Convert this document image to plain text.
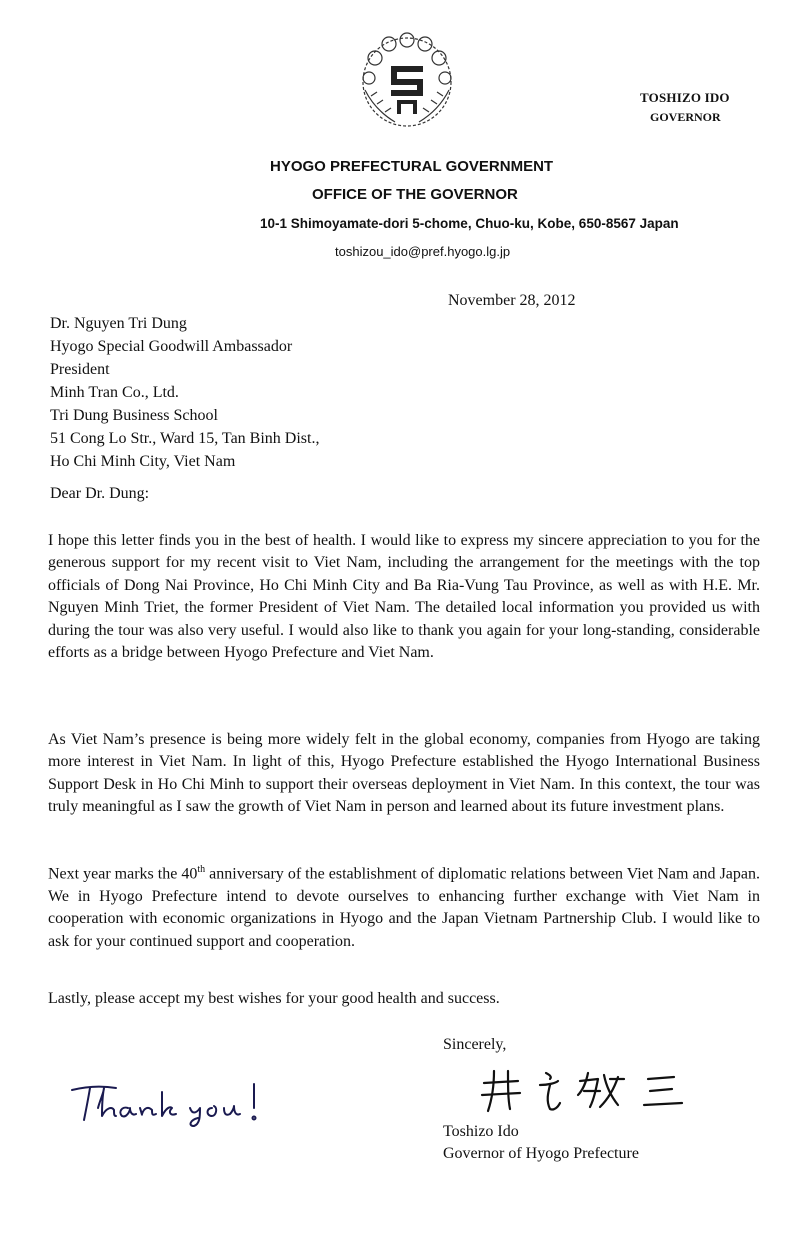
TOSHIZO IDO
GOVERNOR
HYOGO PREFECTURAL GOVERNMENT
OFFICE OF THE GOVERNOR
10-1 Shimoyamate-dori 5-chome, Chuo-ku, Kobe, 650-8567 Japan
toshizou_ido@pref.hyogo.lg.jp
November 28, 2012
Dr. Nguyen Tri Dung
Hyogo Special Goodwill Ambassador
President
Minh Tran Co., Ltd.
Tri Dung Business School
51 Cong Lo Str., Ward 15, Tan Binh Dist.,
Ho Chi Minh City, Viet Nam
Dear Dr. Dung:

I hope this letter finds you in the best of health. I would like to express my sincere appreciation to you for the generous support for my recent visit to Viet Nam, including the arrangement for the meetings with the top officials of Dong Nai Province, Ho Chi Minh City and Ba Ria-Vung Tau Province, as well as with H.E. Mr. Nguyen Minh Triet, the former President of Viet Nam. The detailed local information you provided us with during the tour was also very useful. I would also like to thank you again for your long-standing, considerable efforts as a bridge between Hyogo Prefecture and Viet Nam.

As Viet Nam’s presence is being more widely felt in the global economy, companies from Hyogo are taking more interest in Viet Nam. In light of this, Hyogo Prefecture established the Hyogo International Business Support Desk in Ho Chi Minh to support their overseas deployment in Viet Nam. In this context, the tour was truly meaningful as I saw the growth of Viet Nam in person and learned about its future investment plans.

Next year marks the 40th anniversary of the establishment of diplomatic relations between Viet Nam and Japan. We in Hyogo Prefecture intend to devote ourselves to enhancing further exchange with Viet Nam in cooperation with economic organizations in Hyogo and the Japan Vietnam Partnership Club. I would like to ask for your continued support and cooperation.

Lastly, please accept my best wishes for your good health and success.

Sincerely,
Toshizo Ido
Governor of Hyogo Prefecture
